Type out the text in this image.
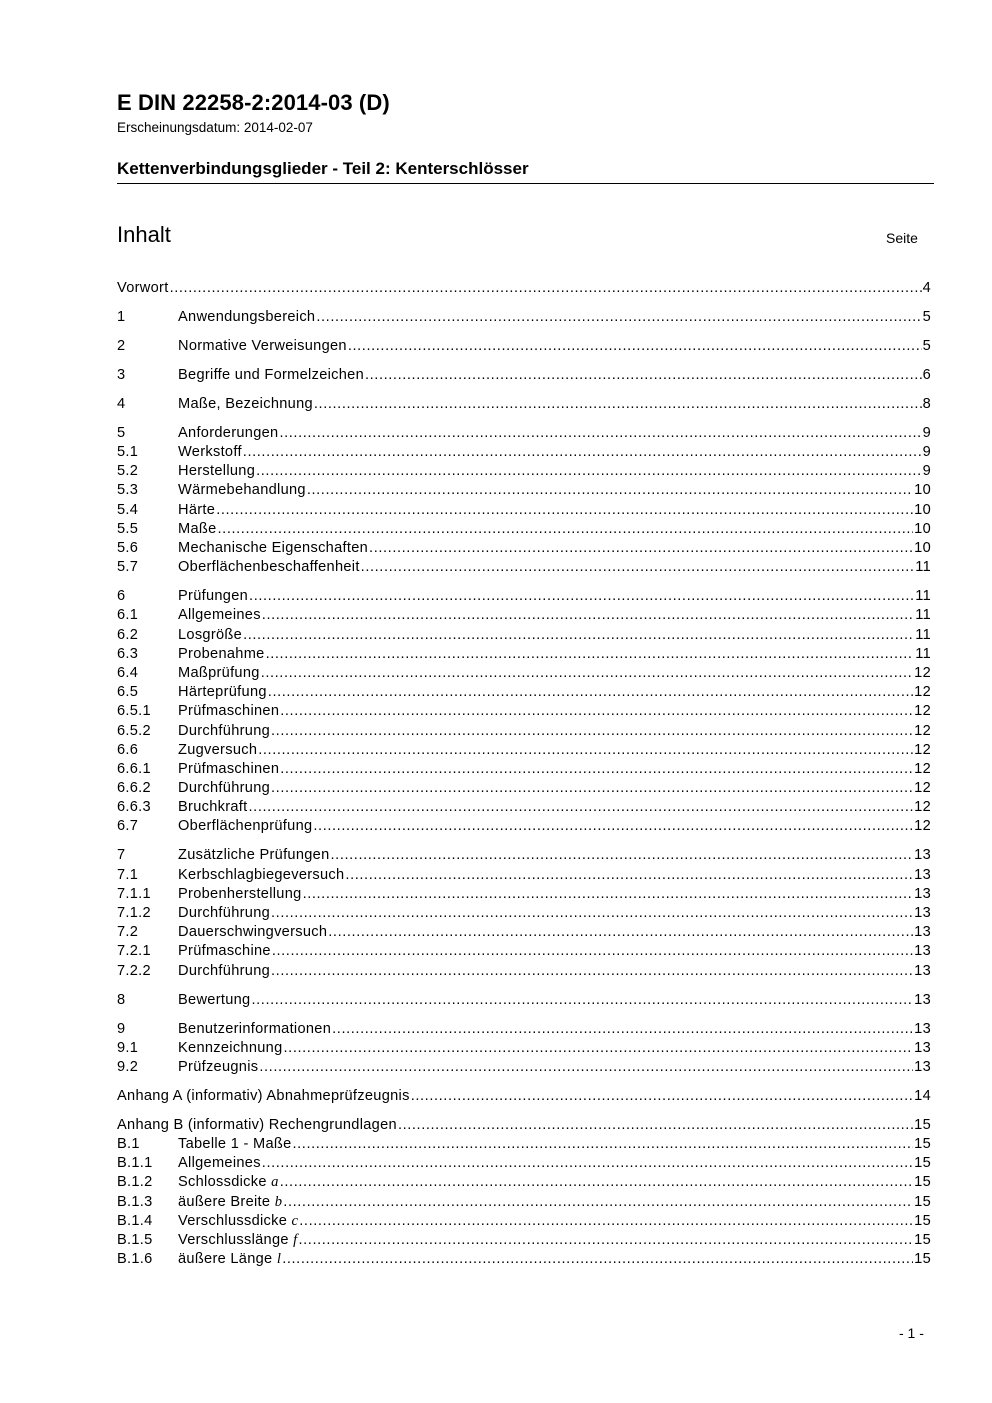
E DIN 22258-2:2014-03 (D)
Erscheinungsdatum: 2014-02-07
Kettenverbindungsglieder - Teil 2: Kenterschlösser
Inhalt	Seite
Vorwort .....	4
1	Anwendungsbereich .....	5
2	Normative Verweisungen .....	5
3	Begriffe und Formelzeichen .....	6
4	Maße, Bezeichnung .....	8
5	Anforderungen .....	9
5.1	Werkstoff .....	9
5.2	Herstellung .....	9
5.3	Wärmebehandlung .....	10
5.4	Härte .....	10
5.5	Maße .....	10
5.6	Mechanische Eigenschaften .....	10
5.7	Oberflächenbeschaffenheit .....	11
6	Prüfungen .....	11
6.1	Allgemeines .....	11
6.2	Losgröße .....	11
6.3	Probenahme .....	11
6.4	Maßprüfung .....	12
6.5	Härteprüfung .....	12
6.5.1	Prüfmaschinen .....	12
6.5.2	Durchführung .....	12
6.6	Zugversuch .....	12
6.6.1	Prüfmaschinen .....	12
6.6.2	Durchführung .....	12
6.6.3	Bruchkraft .....	12
6.7	Oberflächenprüfung .....	12
7	Zusätzliche Prüfungen .....	13
7.1	Kerbschlagbiegeversuch .....	13
7.1.1	Probenherstellung .....	13
7.1.2	Durchführung .....	13
7.2	Dauerschwingversuch .....	13
7.2.1	Prüfmaschine .....	13
7.2.2	Durchführung .....	13
8	Bewertung .....	13
9	Benutzerinformationen .....	13
9.1	Kennzeichnung .....	13
9.2	Prüfzeugnis .....	13
Anhang A (informativ) Abnahmeprüfzeugnis .....	14
Anhang B (informativ) Rechengrundlagen .....	15
B.1	Tabelle 1 - Maße .....	15
B.1.1	Allgemeines .....	15
B.1.2	Schlossdicke a .....	15
B.1.3	äußere Breite b .....	15
B.1.4	Verschlussdicke c .....	15
B.1.5	Verschlusslänge f .....	15
B.1.6	äußere Länge l .....	15
- 1 -
